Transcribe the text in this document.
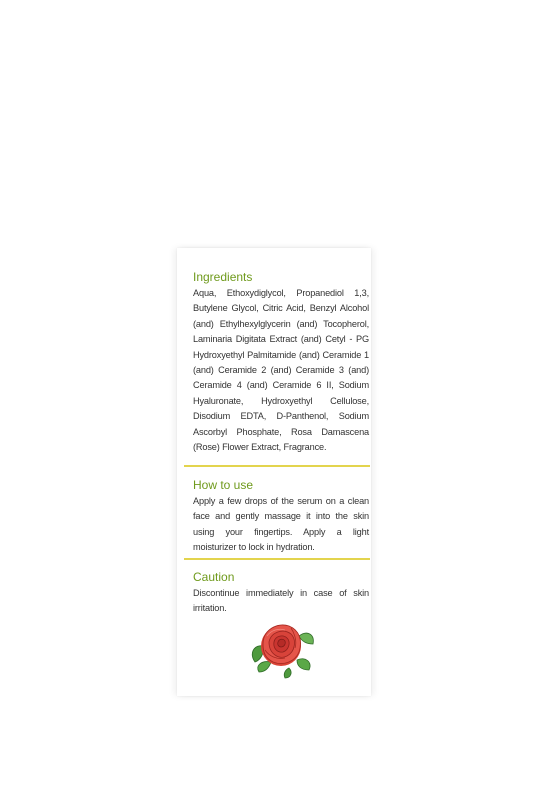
Ingredients

Aqua, Ethoxydiglycol, Propanediol 1,3, Butylene Glycol, Citric Acid, Benzyl Alcohol (and) Ethylhexylglycerin (and) Tocopherol, Laminaria Digitata Extract (and) Cetyl - PG Hydroxyethyl Palmitamide (and) Ceramide 1 (and) Ceramide 2 (and) Ceramide 3 (and) Ceramide 4 (and) Ceramide 6 II, Sodium Hyaluronate, Hydroxyethyl Cellulose, Disodium EDTA, D-Panthenol, Sodium Ascorbyl Phosphate, Rosa Damascena (Rose) Flower Extract, Fragrance.

How to use

Apply a few drops of the serum on a clean face and gently massage it into the skin using your fingertips. Apply a light moisturizer to lock in hydration.

Caution

Discontinue immediately in case of skin irritation.
